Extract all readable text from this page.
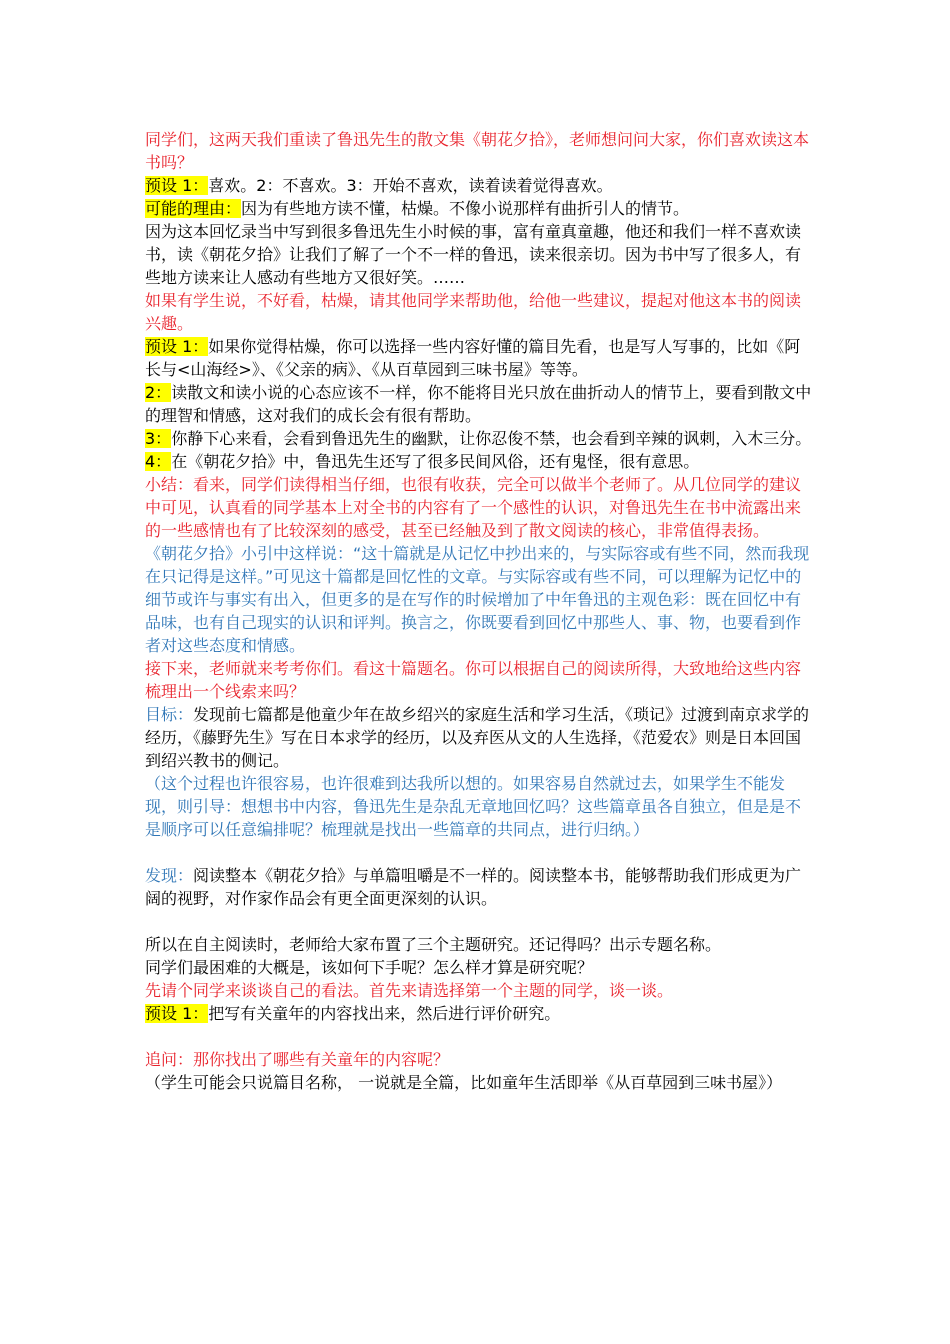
同学们，这两天我们重读了鲁迅先生的散文集《朝花夕拾》，老师想问问大家，你们喜欢读这本书吗？

预设 1：喜欢。2：不喜欢。3：开始不喜欢，读着读着觉得喜欢。

可能的理由：因为有些地方读不懂，枯燥。不像小说那样有曲折引人的情节。

因为这本回忆录当中写到很多鲁迅先生小时候的事，富有童真童趣，他还和我们一样不喜欢读书，读《朝花夕拾》让我们了解了一个不一样的鲁迅，读来很亲切。因为书中写了很多人，有些地方读来让人感动有些地方又很好笑。……

如果有学生说，不好看，枯燥，请其他同学来帮助他，给他一些建议，提起对他这本书的阅读兴趣。

预设 1：如果你觉得枯燥，你可以选择一些内容好懂的篇目先看，也是写人写事的，比如《阿长与<山海经>》、《父亲的病》、《从百草园到三味书屋》等等。

2：读散文和读小说的心态应该不一样，你不能将目光只放在曲折动人的情节上，要看到散文中的理智和情感，这对我们的成长会有很有帮助。

3：你静下心来看，会看到鲁迅先生的幽默，让你忍俊不禁，也会看到辛辣的讽刺，入木三分。

4：在《朝花夕拾》中，鲁迅先生还写了很多民间风俗，还有鬼怪，很有意思。

小结：看来，同学们读得相当仔细，也很有收获，完全可以做半个老师了。从几位同学的建议中可见，认真看的同学基本上对全书的内容有了一个感性的认识，对鲁迅先生在书中流露出来的一些感情也有了比较深刻的感受，甚至已经触及到了散文阅读的核心，非常值得表扬。

《朝花夕拾》小引中这样说：“这十篇就是从记忆中抄出来的，与实际容或有些不同，然而我现在只记得是这样。”可见这十篇都是回忆性的文章。与实际容或有些不同，可以理解为记忆中的细节或许与事实有出入，但更多的是在写作的时候增加了中年鲁迅的主观色彩：既在回忆中有品味，也有自己现实的认识和评判。换言之，你既要看到回忆中那些人、事、物，也要看到作者对这些态度和情感。

接下来，老师就来考考你们。看这十篇题名。你可以根据自己的阅读所得，大致地给这些内容梳理出一个线索来吗？

目标：发现前七篇都是他童少年在故乡绍兴的家庭生活和学习生活，《琐记》过渡到南京求学的经历，《藤野先生》写在日本求学的经历，以及弃医从文的人生选择，《范爱农》则是日本回国到绍兴教书的侧记。

（这个过程也许很容易，也许很难到达我所以想的。如果容易自然就过去，如果学生不能发现，则引导：想想书中内容，鲁迅先生是杂乱无章地回忆吗？这些篇章虽各自独立，但是是不是顺序可以任意编排呢？梳理就是找出一些篇章的共同点，进行归纳。）

发现：阅读整本《朝花夕拾》与单篇咀嚼是不一样的。阅读整本书，能够帮助我们形成更为广阔的视野，对作家作品会有更全面更深刻的认识。

所以在自主阅读时，老师给大家布置了三个主题研究。还记得吗？出示专题名称。

同学们最困难的大概是，该如何下手呢？怎么样才算是研究呢？

先请个同学来谈谈自己的看法。首先来请选择第一个主题的同学，谈一谈。

预设 1：把写有关童年的内容找出来，然后进行评价研究。

追问：那你找出了哪些有关童年的内容呢？

（学生可能会只说篇目名称， 一说就是全篇，比如童年生活即举《从百草园到三味书屋》）
